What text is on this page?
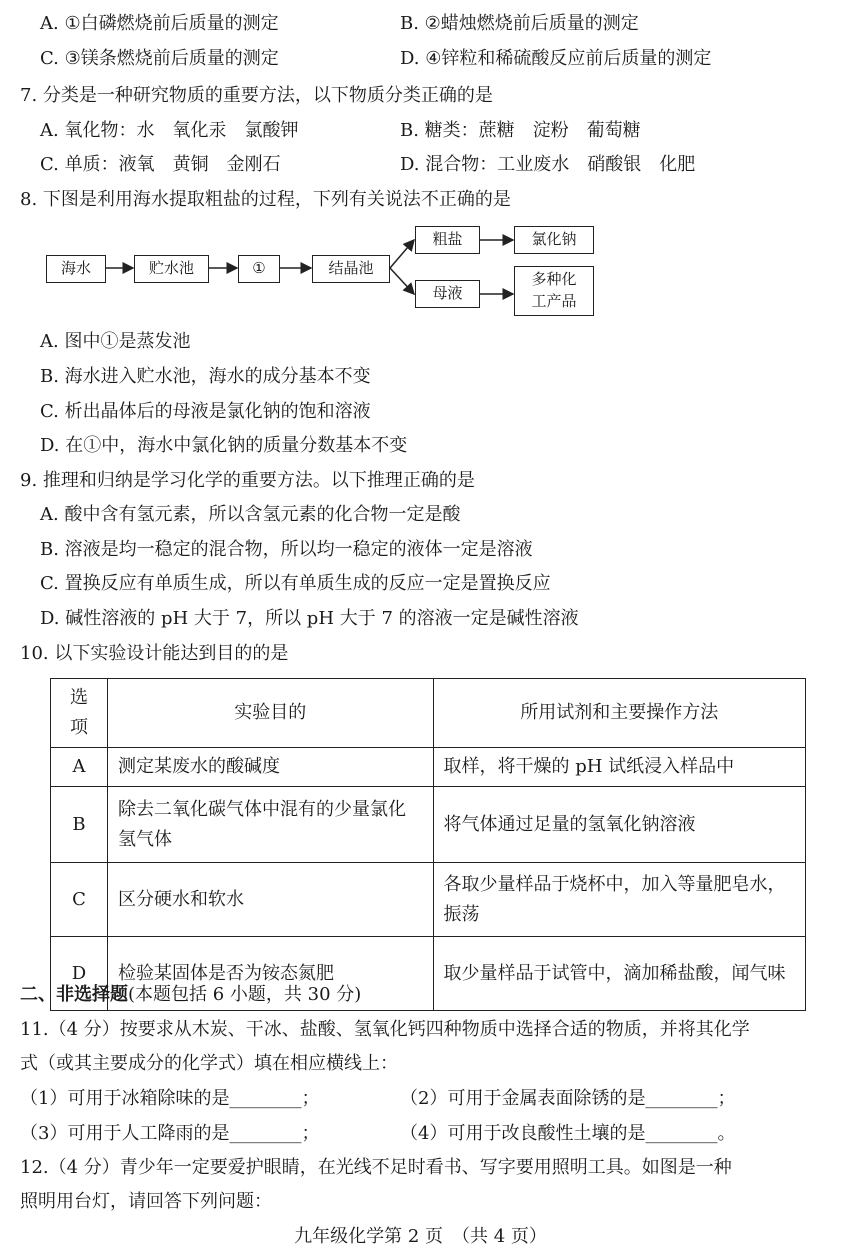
A. ①白磷燃烧前后质量的测定	B. ②蜡烛燃烧前后质量的测定
C. ③镁条燃烧前后质量的测定	D. ④锌粒和稀硫酸反应前后质量的测定
7. 分类是一种研究物质的重要方法，以下物质分类正确的是
A. 氧化物：水　氧化汞　氯酸钾	B. 糖类：蔗糖　淀粉　葡萄糖
C. 单质：液氧　黄铜　金刚石	D. 混合物：工业废水　硝酸银　化肥
8. 下图是利用海水提取粗盐的过程，下列有关说法不正确的是
海水	贮水池	①	结晶池
粗盐	氯化钠
母液
多种化
工产品
A. 图中①是蒸发池
B. 海水进入贮水池，海水的成分基本不变
C. 析出晶体后的母液是氯化钠的饱和溶液
D. 在①中，海水中氯化钠的质量分数基本不变
9. 推理和归纳是学习化学的重要方法。以下推理正确的是
A. 酸中含有氢元素，所以含氢元素的化合物一定是酸
B. 溶液是均一稳定的混合物，所以均一稳定的液体一定是溶液
C. 置换反应有单质生成，所以有单质生成的反应一定是置换反应
D. 碱性溶液的 pH 大于 7，所以 pH 大于 7 的溶液一定是碱性溶液
10. 以下实验设计能达到目的的是
选项	实验目的	所用试剂和主要操作方法
A	测定某废水的酸碱度	取样，将干燥的 pH 试纸浸入样品中
B	除去二氧化碳气体中混有的少量氯化氢气体	将气体通过足量的氢氧化钠溶液
C	区分硬水和软水	各取少量样品于烧杯中，加入等量肥皂水，振荡
D	检验某固体是否为铵态氮肥	取少量样品于试管中，滴加稀盐酸，闻气味
二、非选择题(本题包括 6 小题，共 30 分)
11.（4 分）按要求从木炭、干冰、盐酸、氢氧化钙四种物质中选择合适的物质，并将其化学
式（或其主要成分的化学式）填在相应横线上：
（1）可用于冰箱除味的是________；	（2）可用于金属表面除锈的是________；
（3）可用于人工降雨的是________；	（4）可用于改良酸性土壤的是________。
12.（4 分）青少年一定要爱护眼睛，在光线不足时看书、写字要用照明工具。如图是一种
照明用台灯，请回答下列问题：
九年级化学第 2 页　（共 4 页）
